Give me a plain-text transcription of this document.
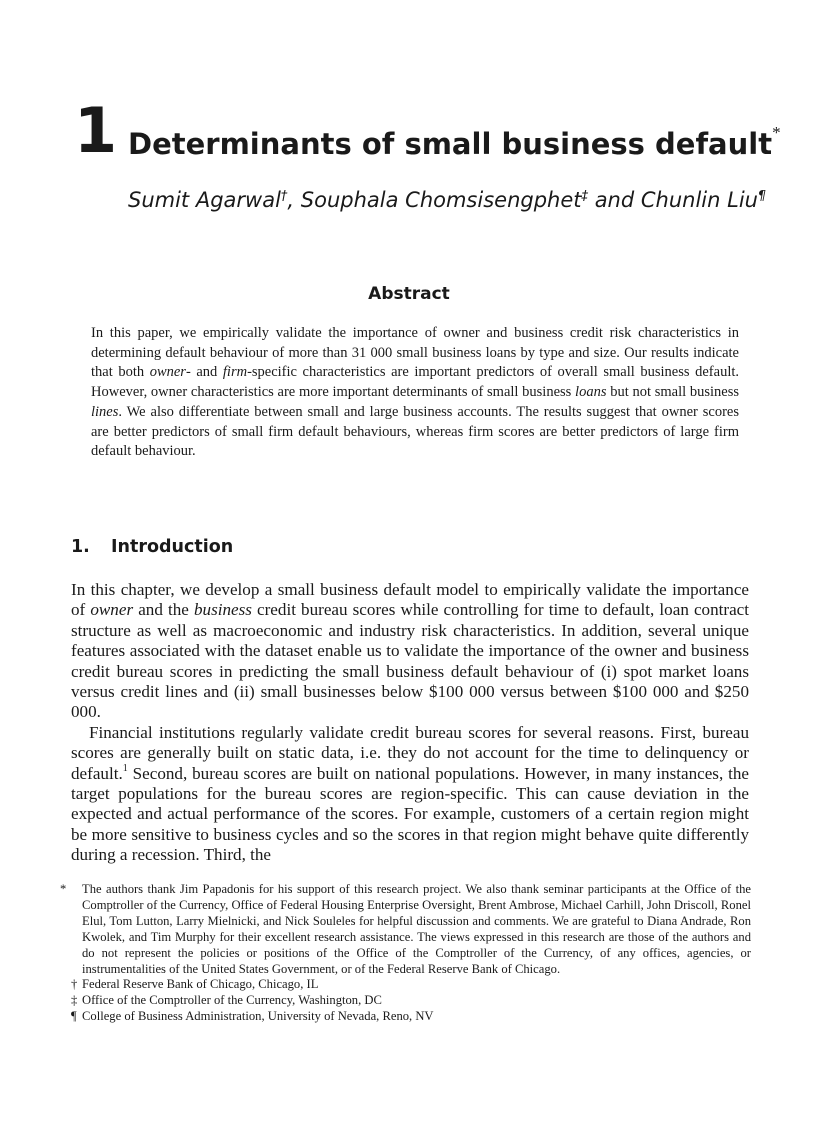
1 Determinants of small business default*
Sumit Agarwal†, Souphala Chomsisengphet‡ and Chunlin Liu¶
Abstract

In this paper, we empirically validate the importance of owner and business credit risk characteristics in determining default behaviour of more than 31 000 small business loans by type and size. Our results indicate that both owner- and firm-specific characteristics are important predictors of overall small business default. However, owner characteristics are more important determinants of small business loans but not small business lines. We also differentiate between small and large business accounts. The results suggest that owner scores are better predictors of small firm default behaviours, whereas firm scores are better predictors of large firm default behaviour.

1. Introduction

In this chapter, we develop a small business default model to empirically validate the importance of owner and the business credit bureau scores while controlling for time to default, loan contract structure as well as macroeconomic and industry risk characteristics. In addition, several unique features associated with the dataset enable us to validate the importance of the owner and business credit bureau scores in predicting the small business default behaviour of (i) spot market loans versus credit lines and (ii) small businesses below $100 000 versus between $100 000 and $250 000.

Financial institutions regularly validate credit bureau scores for several reasons. First, bureau scores are generally built on static data, i.e. they do not account for the time to delinquency or default.$^1$ Second, bureau scores are built on national populations. However, in many instances, the target populations for the bureau scores are region-specific. This can cause deviation in the expected and actual performance of the scores. For example, customers of a certain region might be more sensitive to business cycles and so the scores in that region might behave quite differently during a recession. Third, the

* The authors thank Jim Papadonis for his support of this research project. We also thank seminar participants at the Office of the Comptroller of the Currency, Office of Federal Housing Enterprise Oversight, Brent Ambrose, Michael Carhill, John Driscoll, Ronel Elul, Tom Lutton, Larry Mielnicki, and Nick Souleles for helpful discussion and comments. We are grateful to Diana Andrade, Ron Kwolek, and Tim Murphy for their excellent research assistance. The views expressed in this research are those of the authors and do not represent the policies or positions of the Office of the Comptroller of the Currency, of any offices, agencies, or instrumentalities of the United States Government, or of the Federal Reserve Bank of Chicago.

† Federal Reserve Bank of Chicago, Chicago, IL

‡ Office of the Comptroller of the Currency, Washington, DC

¶ College of Business Administration, University of Nevada, Reno, NV
